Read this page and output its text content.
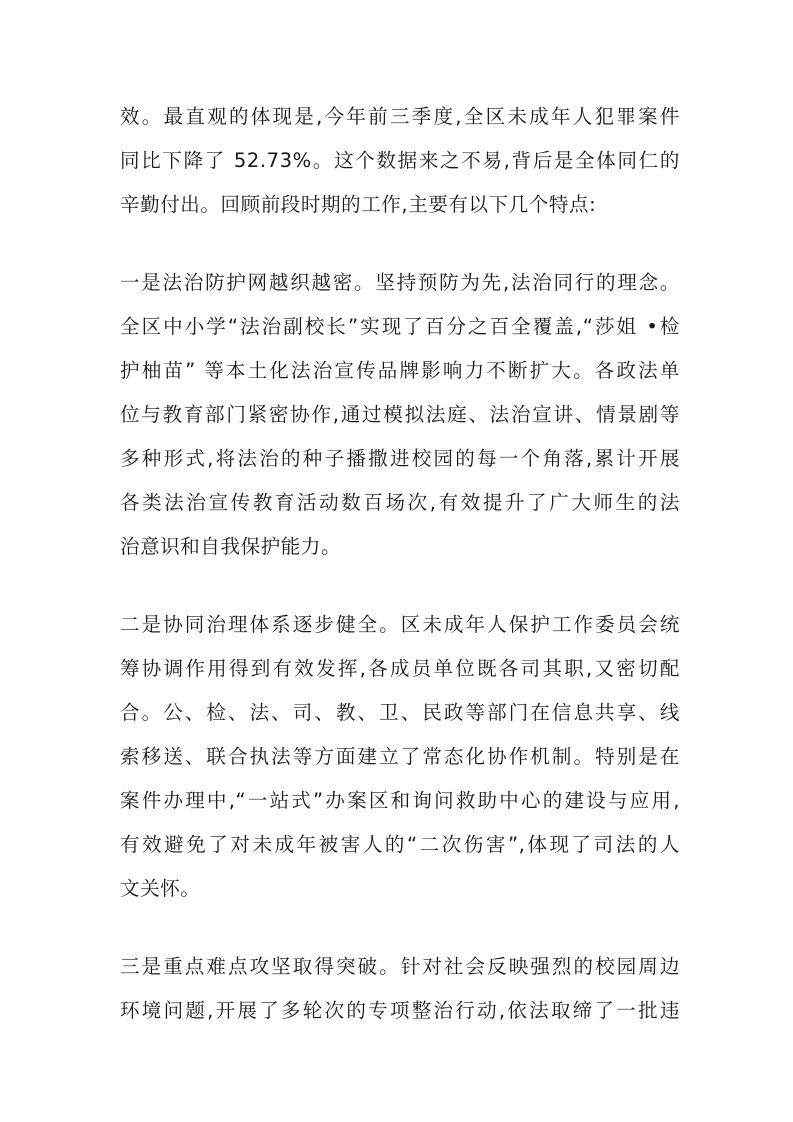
效。最直观的体现是,今年前三季度,全区未成年人犯罪案件
同比下降了 52.73%。这个数据来之不易,背后是全体同仁的
辛勤付出。回顾前段时期的工作,主要有以下几个特点:
一是法治防护网越织越密。坚持预防为先,法治同行的理念。
全区中小学“法治副校长”实现了百分之百全覆盖,“莎姐 •检
护柚苗” 等本土化法治宣传品牌影响力不断扩大。各政法单
位与教育部门紧密协作,通过模拟法庭、法治宣讲、情景剧等
多种形式,将法治的种子播撒进校园的每一个角落,累计开展
各类法治宣传教育活动数百场次,有效提升了广大师生的法
治意识和自我保护能力。
二是协同治理体系逐步健全。区未成年人保护工作委员会统
筹协调作用得到有效发挥,各成员单位既各司其职,又密切配
合。公、检、法、司、教、卫、民政等部门在信息共享、线
索移送、联合执法等方面建立了常态化协作机制。特别是在
案件办理中,“一站式”办案区和询问救助中心的建设与应用,
有效避免了对未成年被害人的“二次伤害”,体现了司法的人
文关怀。
三是重点难点攻坚取得突破。针对社会反映强烈的校园周边
环境问题,开展了多轮次的专项整治行动,依法取缔了一批违
